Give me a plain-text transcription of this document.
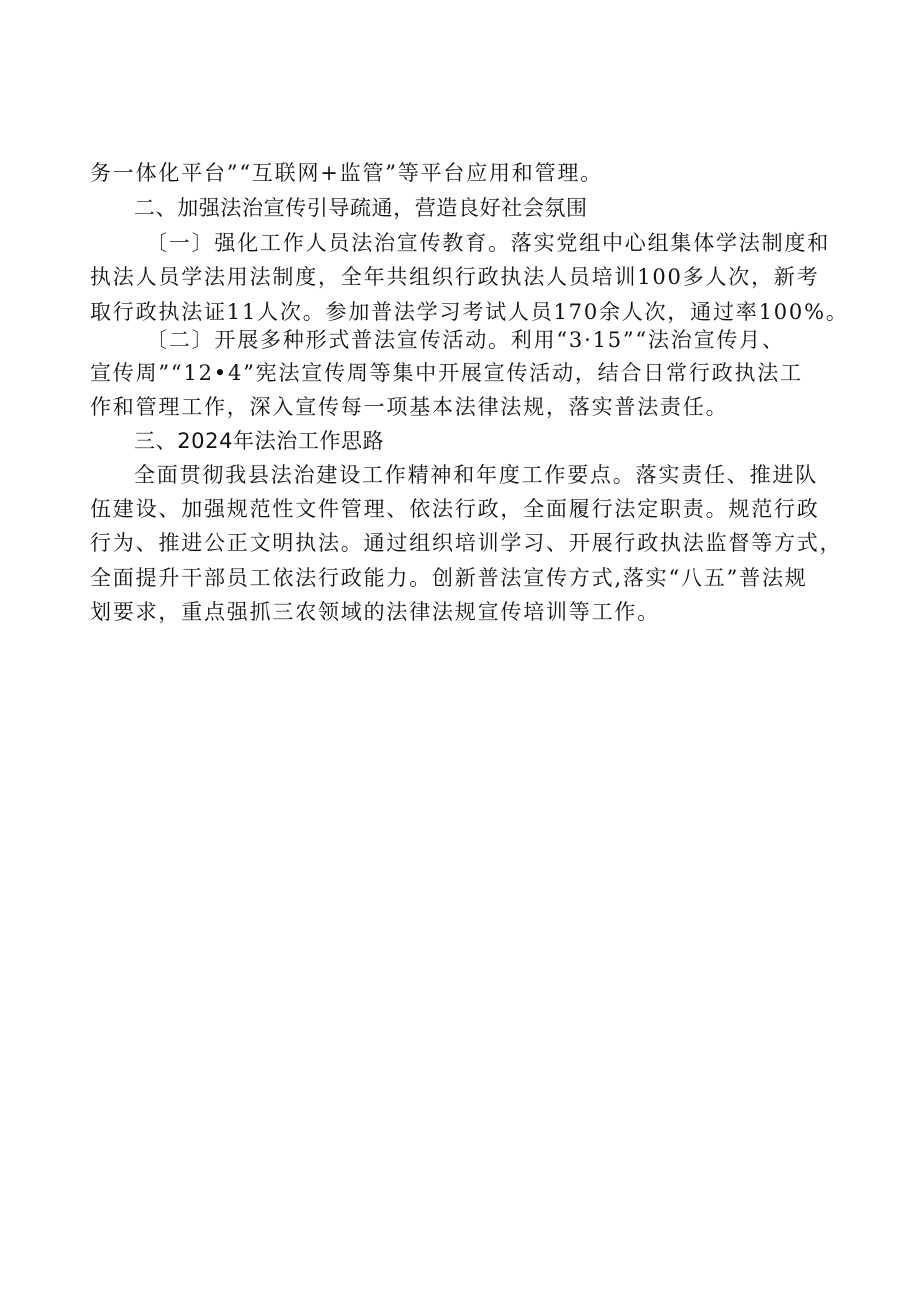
务一体化平台”“互联网+监管”等平台应用和管理。
二、加强法治宣传引导疏通，营造良好社会氛围
〔一〕强化工作人员法治宣传教育。落实党组中心组集体学法制度和
执法人员学法用法制度，全年共组织行政执法人员培训100多人次，新考
取行政执法证11人次。参加普法学习考试人员170余人次，通过率100%。
〔二〕开展多种形式普法宣传活动。利用“3·15”“法治宣传月、
宣传周”“12•4”宪法宣传周等集中开展宣传活动，结合日常行政执法工
作和管理工作，深入宣传每一项基本法律法规，落实普法责任。
三、2024年法治工作思路
全面贯彻我县法治建设工作精神和年度工作要点。落实责任、推进队
伍建设、加强规范性文件管理、依法行政，全面履行法定职责。规范行政
行为、推进公正文明执法。通过组织培训学习、开展行政执法监督等方式，
全面提升干部员工依法行政能力。创新普法宣传方式,落实“八五”普法规
划要求，重点强抓三农领域的法律法规宣传培训等工作。
